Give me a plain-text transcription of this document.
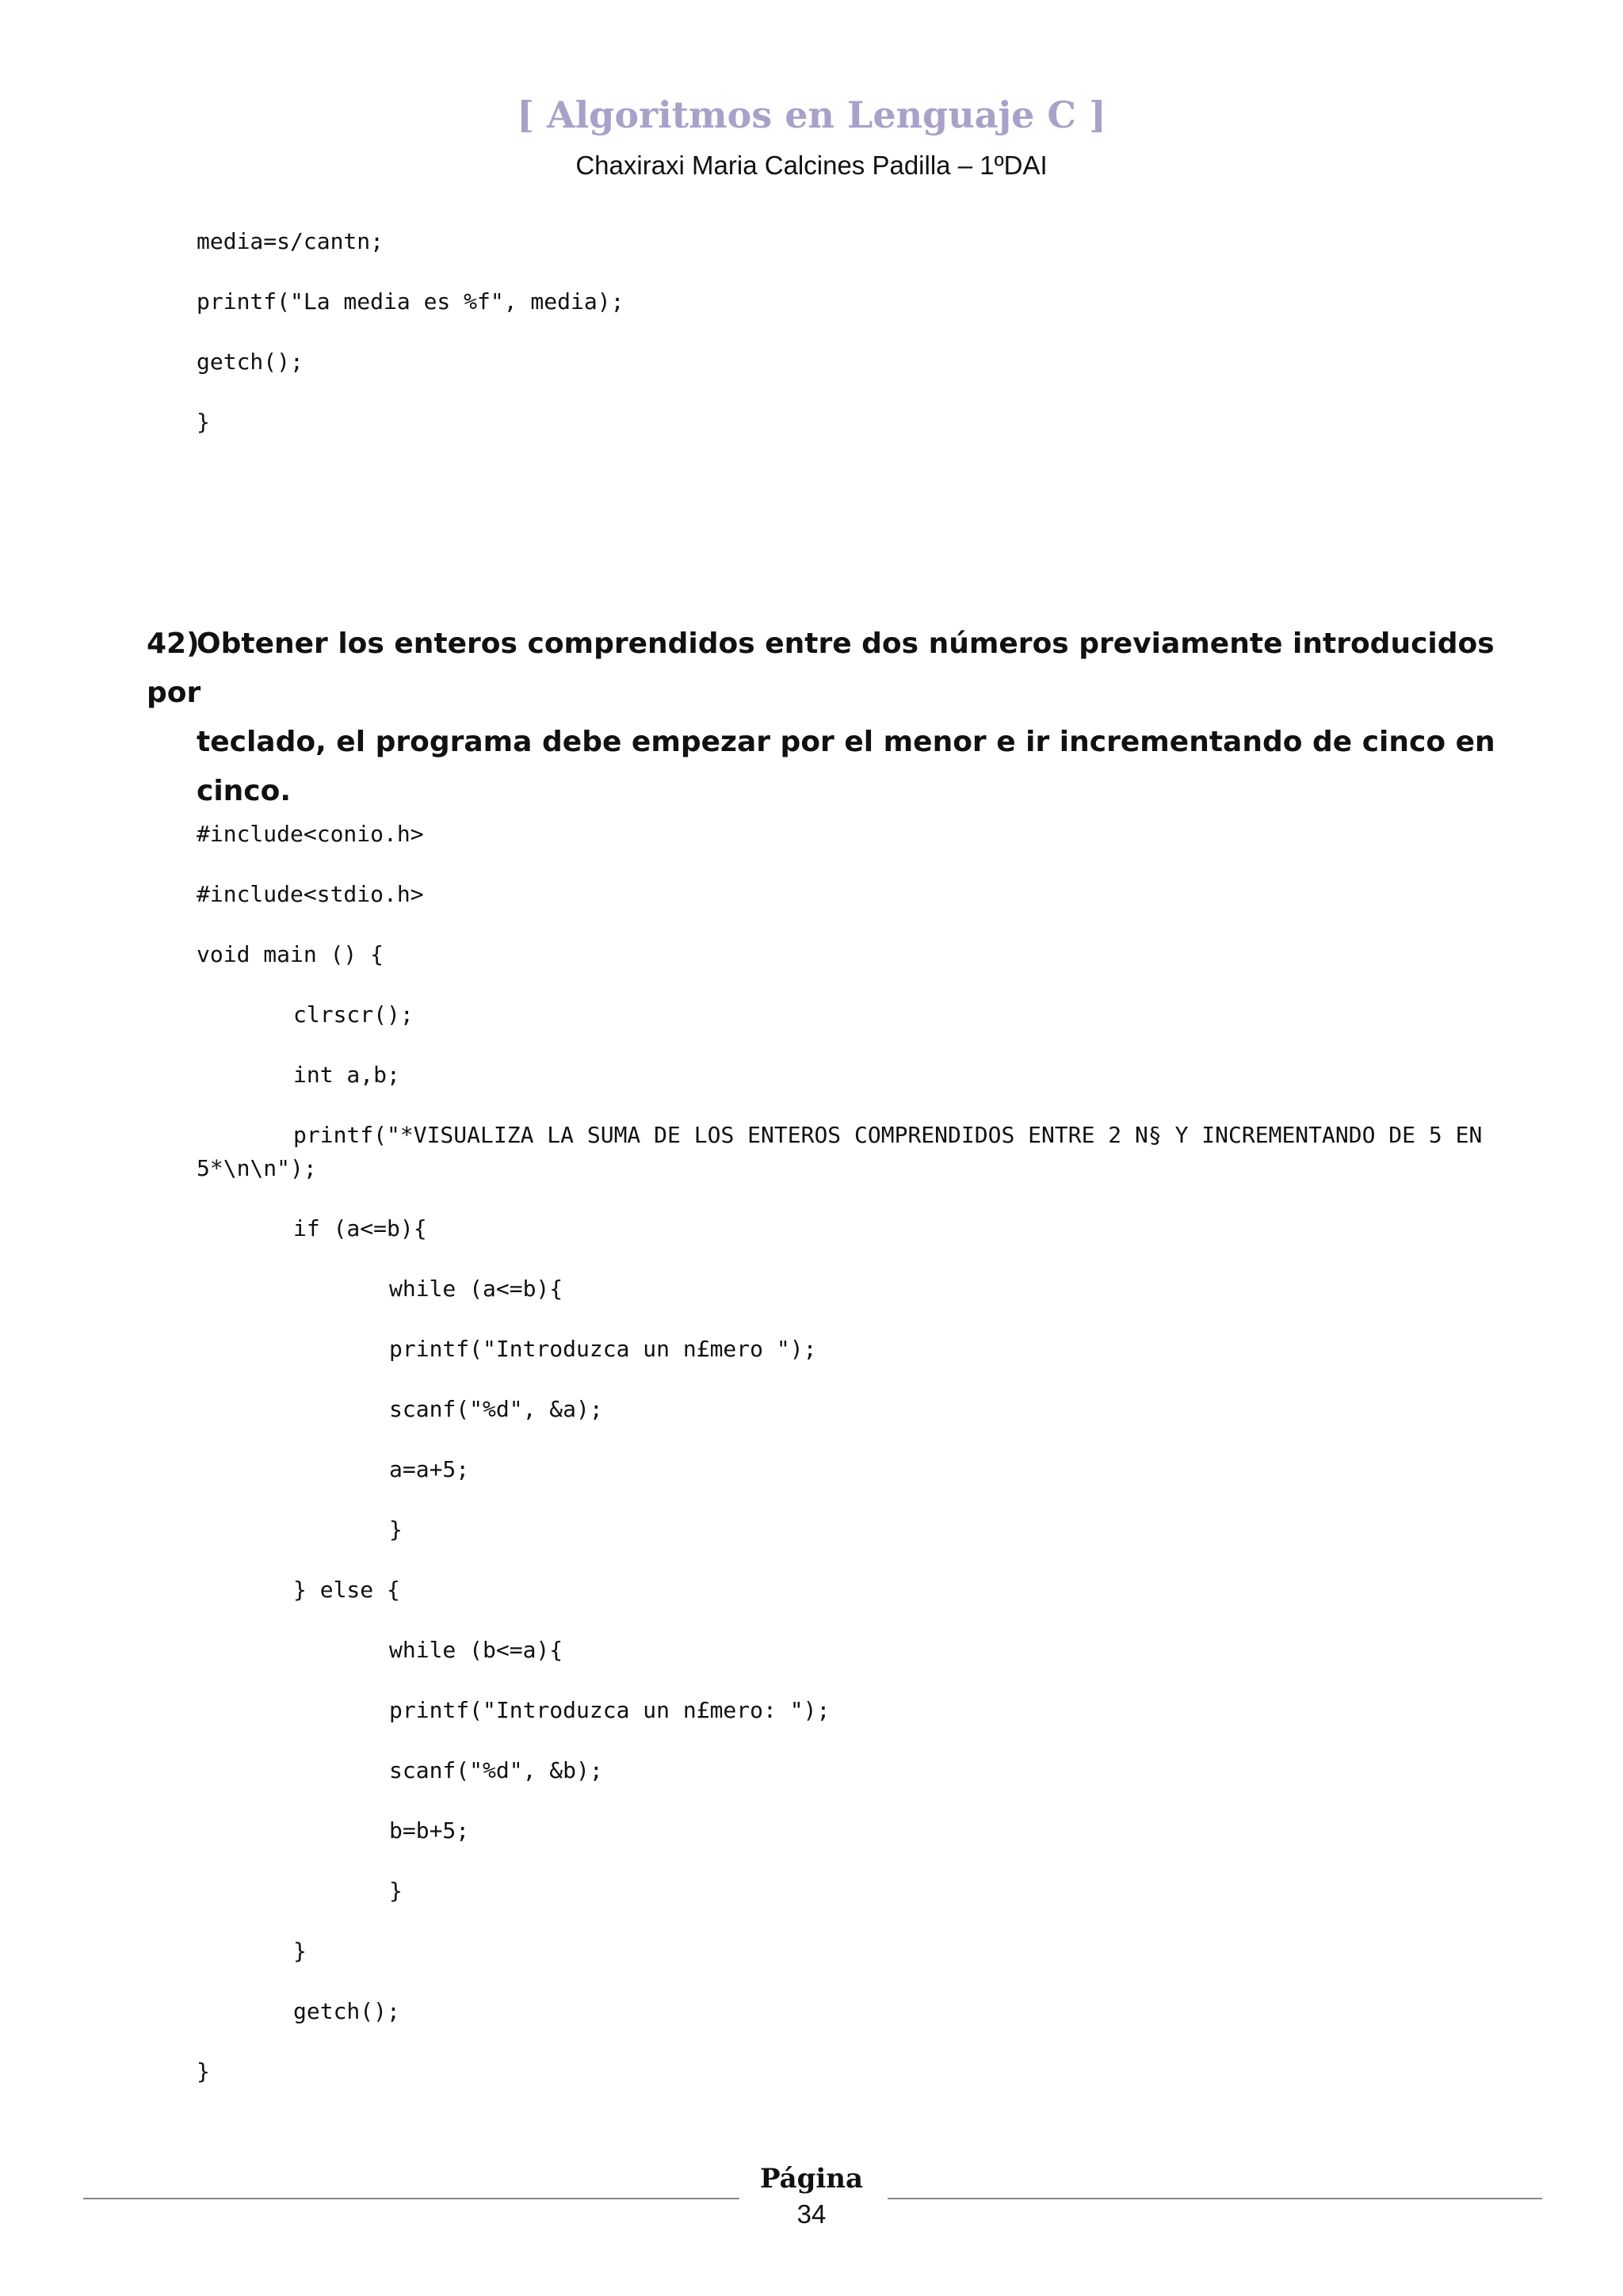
[ Algoritmos en Lenguaje C ]

Chaxiraxi Maria Calcines Padilla – 1ºDAI

media=s/cantn;
printf("La media es %f", media);
getch();
}
42)Obtener los enteros comprendidos entre dos números previamente introducidos por
teclado, el programa debe empezar por el menor e ir incrementando de cinco en cinco.
#include<conio.h>
#include<stdio.h>
void main () {
clrscr();
int a,b;
printf("*VISUALIZA LA SUMA DE LOS ENTEROS COMPRENDIDOS ENTRE 2 N§ Y INCREMENTANDO DE 5 EN
5*\n\n");
if (a<=b){
while (a<=b){
printf("Introduzca un n£mero ");
scanf("%d", &a);
a=a+5;
}
} else {
while (b<=a){
printf("Introduzca un n£mero: ");
scanf("%d", &b);
b=b+5;
}
}
getch();
}

Página

34
